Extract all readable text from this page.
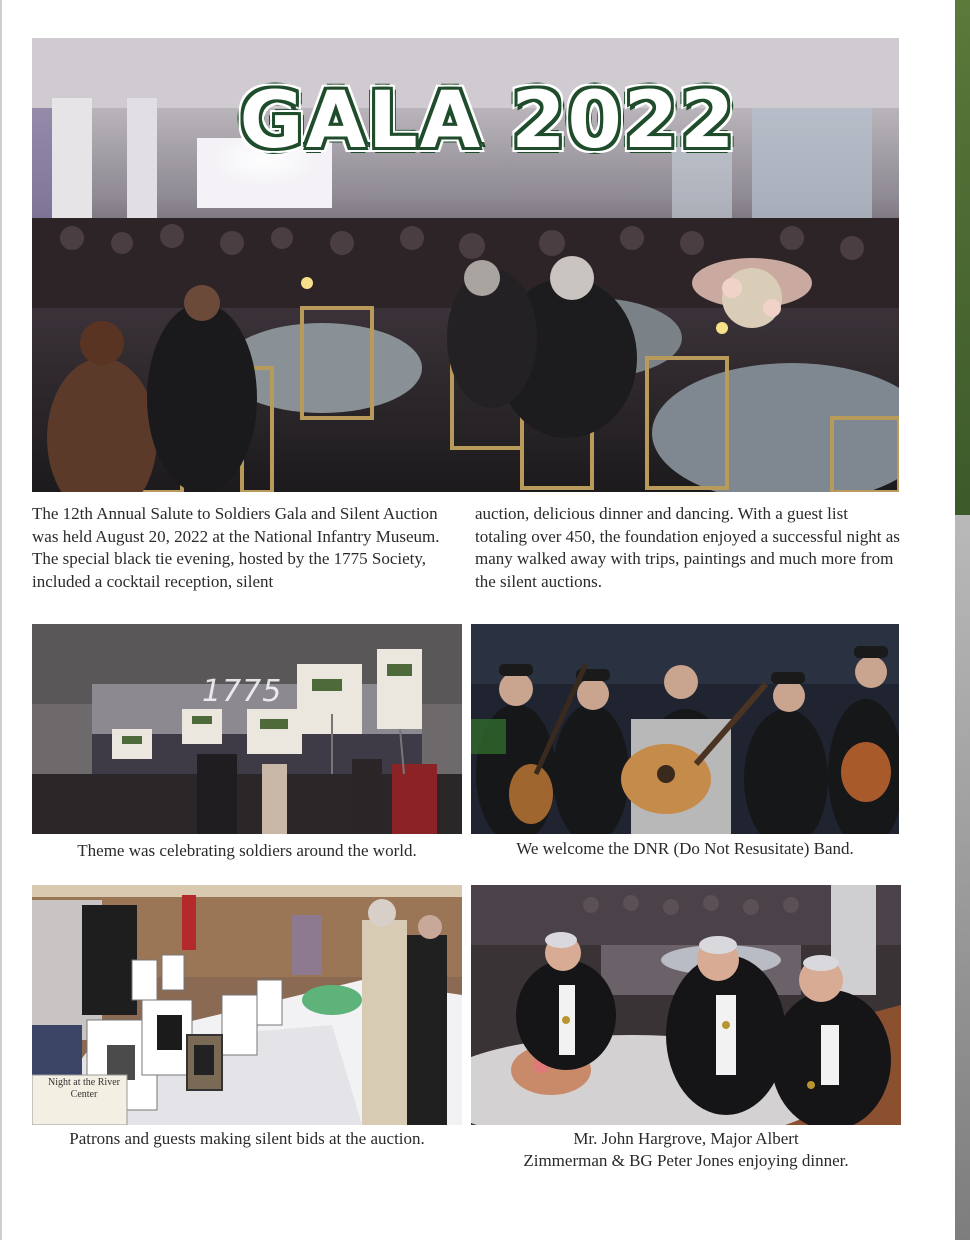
GALA 2022
The 12th Annual Salute to Soldiers Gala and Silent Auction was held August 20, 2022 at the National Infantry Museum. The special black tie evening, hosted by the 1775 Society, included a cocktail reception, silent
auction, delicious dinner and dancing. With a guest list totaling over 450, the foundation enjoyed a successful night as many walked away with trips, paintings and much more from the silent auctions.
1775
Theme was celebrating soldiers around the world.	We welcome the DNR (Do Not Resusitate) Band.
Night at the River Center
Patrons and guests making silent bids at the auction.	Mr. John Hargrove, Major Albert
Zimmerman & BG Peter Jones enjoying dinner.
